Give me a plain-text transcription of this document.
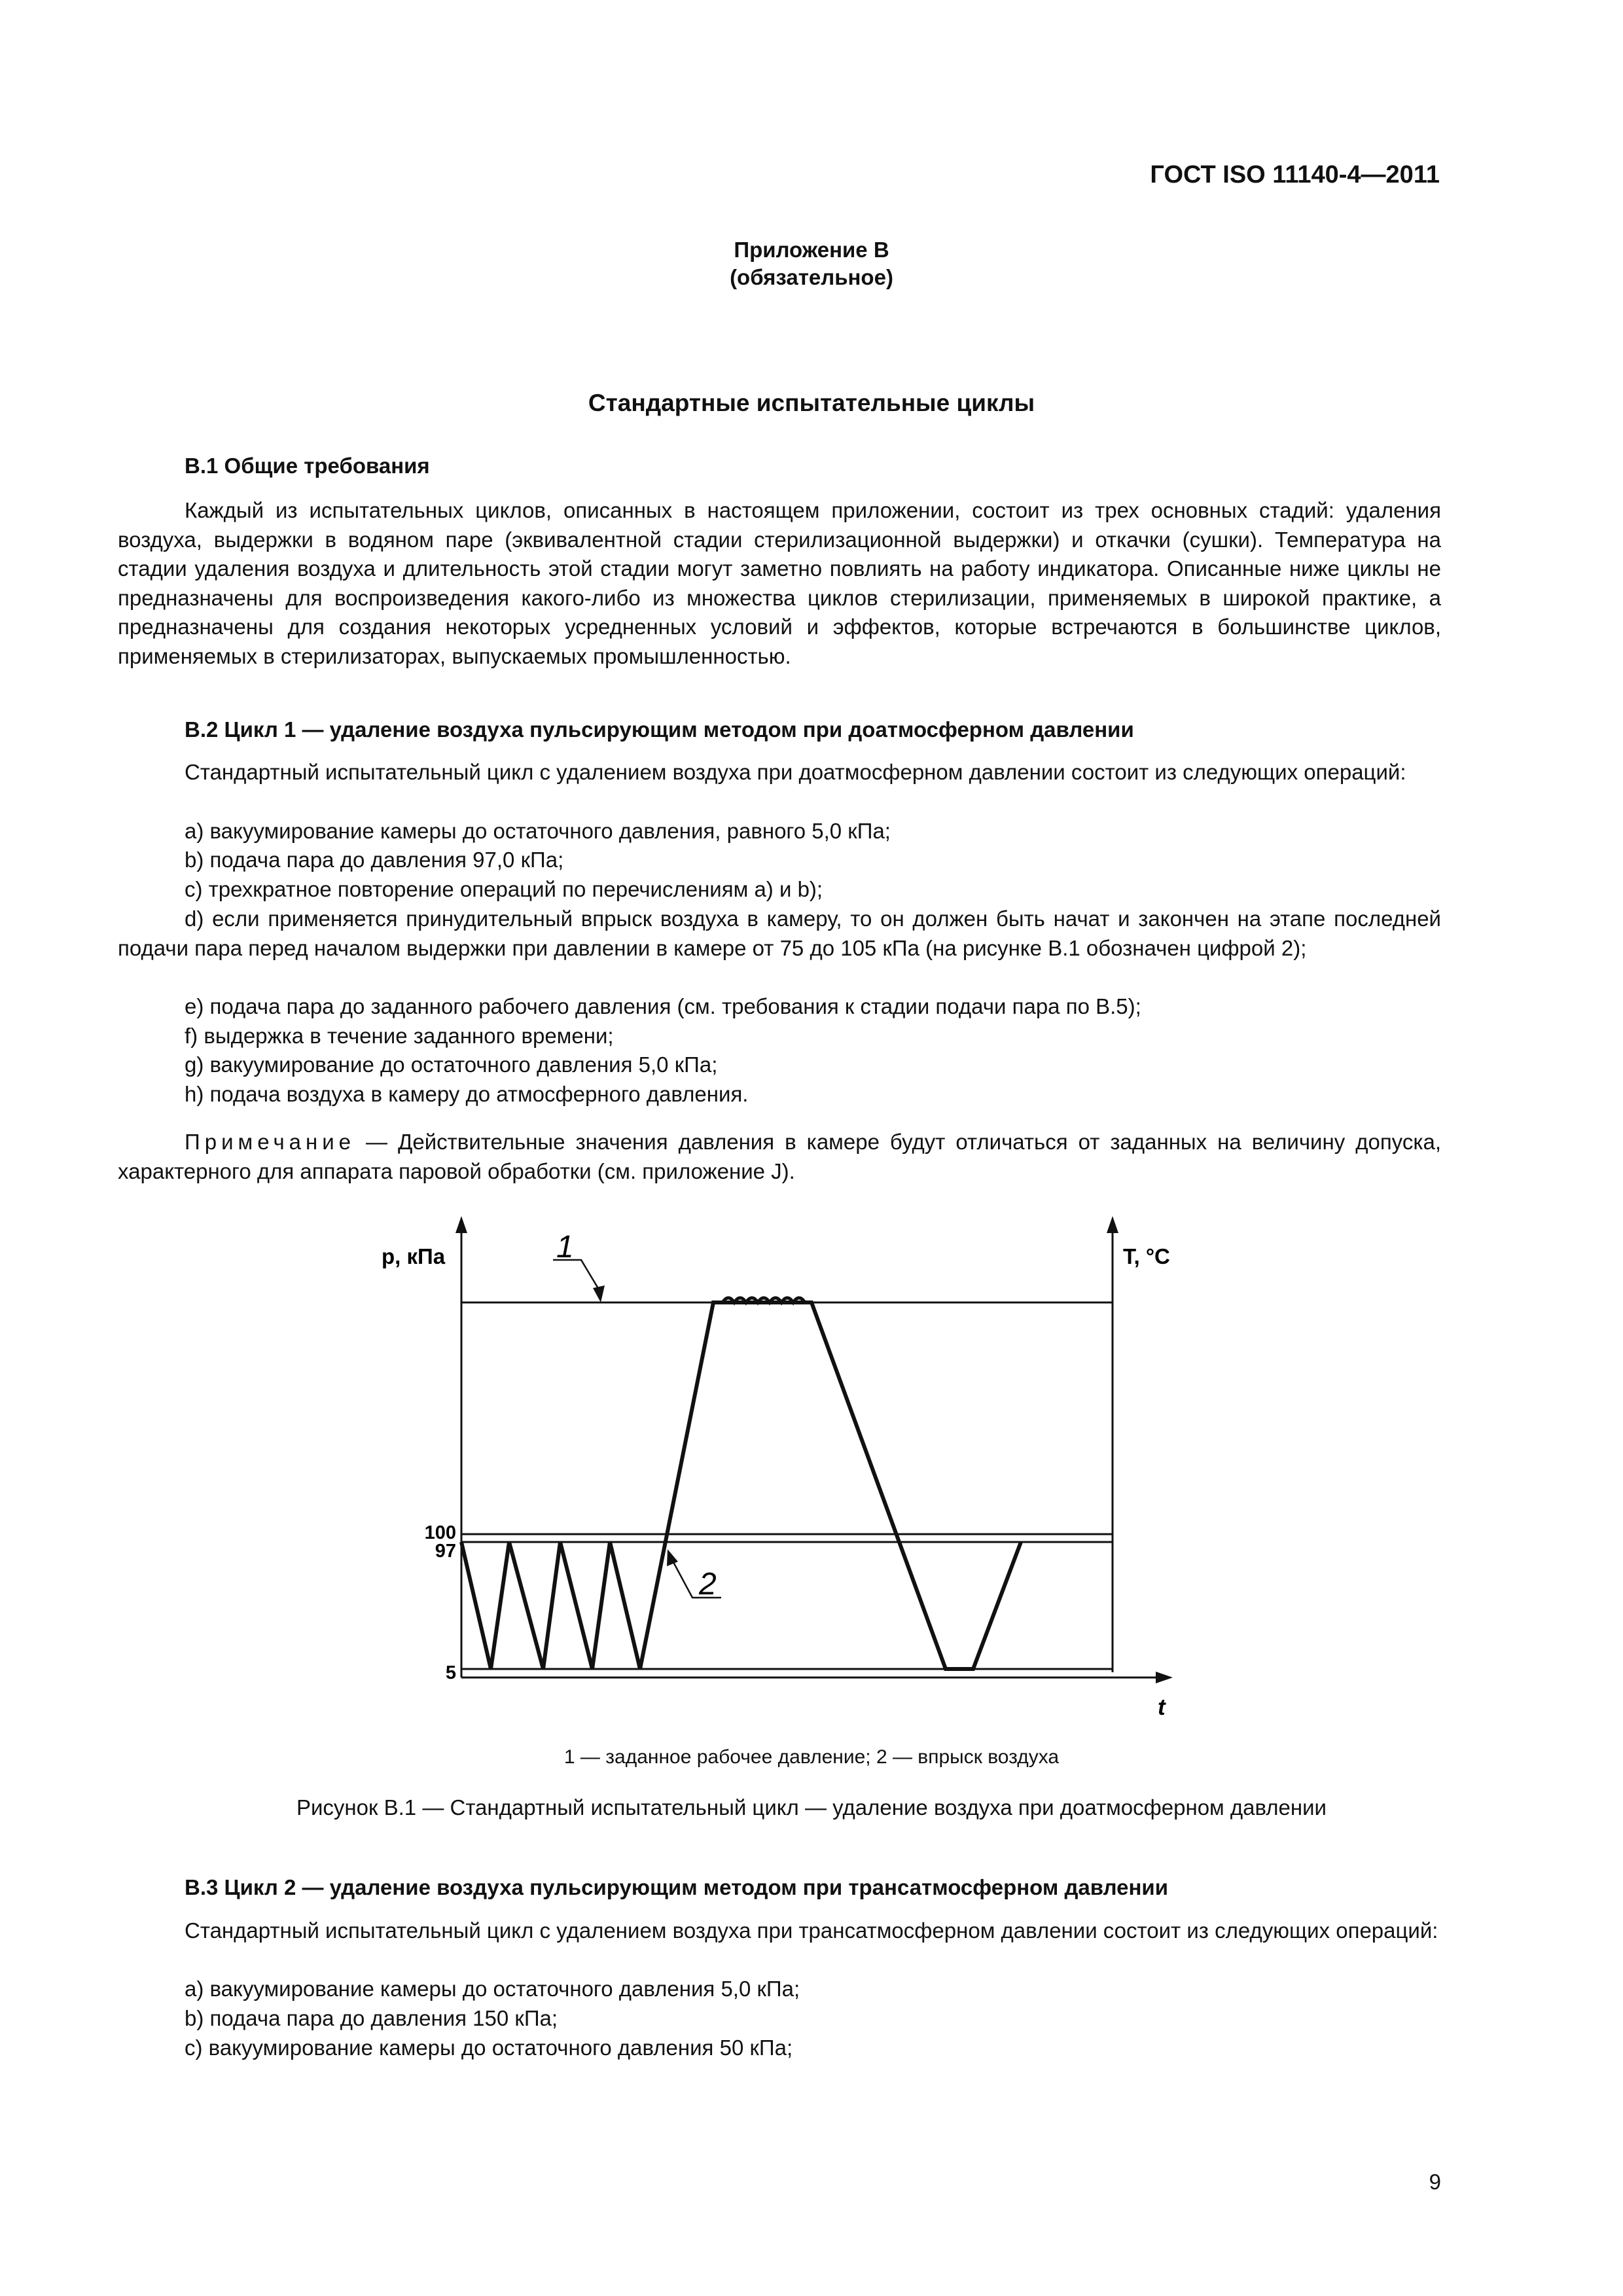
ГОСТ ISO 11140-4—2011
Приложение B
(обязательное)
Стандартные испытательные циклы
B.1 Общие требования
Каждый из испытательных циклов, описанных в настоящем приложении, состоит из трех основных стадий: удаления воздуха, выдержки в водяном паре (эквивалентной стадии стерилизационной выдержки) и откачки (сушки). Температура на стадии удаления воздуха и длительность этой стадии могут заметно повлиять на работу индикатора. Описанные ниже циклы не предназначены для воспроизведения какого-либо из множества циклов стерилизации, применяемых в широкой практике, а предназначены для создания некоторых усредненных условий и эффектов, которые встречаются в большинстве циклов, применяемых в стерилизаторах, выпускаемых промышленностью.
B.2 Цикл 1 — удаление воздуха пульсирующим методом при доатмосферном давлении
Стандартный испытательный цикл с удалением воздуха при доатмосферном давлении состоит из следующих операций:
a) вакуумирование камеры до остаточного давления, равного 5,0 кПа;
b) подача пара до давления 97,0 кПа;
c) трехкратное повторение операций по перечислениям a) и b);
d) если применяется принудительный впрыск воздуха в камеру, то он должен быть начат и закончен на этапе последней подачи пара перед началом выдержки при давлении в камере от 75 до 105 кПа (на рисунке B.1 обозначен цифрой 2);
e) подача пара до заданного рабочего давления (см. требования к стадии подачи пара по B.5);
f) выдержка в течение заданного времени;
g) вакуумирование до остаточного давления 5,0 кПа;
h) подача воздуха в камеру до атмосферного давления.
Примечание — Действительные значения давления в камере будут отличаться от заданных на величину допуска, характерного для аппарата паровой обработки (см. приложение J).
p, кПа	T, °C
t
100
97
5
1
2
1 — заданное рабочее давление; 2 — впрыск воздуха
Рисунок B.1 — Стандартный испытательный цикл — удаление воздуха при доатмосферном давлении
B.3 Цикл 2 — удаление воздуха пульсирующим методом при трансатмосферном давлении
Стандартный испытательный цикл с удалением воздуха при трансатмосферном давлении состоит из следующих операций:
a) вакуумирование камеры до остаточного давления 5,0 кПа;
b) подача пара до давления 150 кПа;
c) вакуумирование камеры до остаточного давления 50 кПа;
9
